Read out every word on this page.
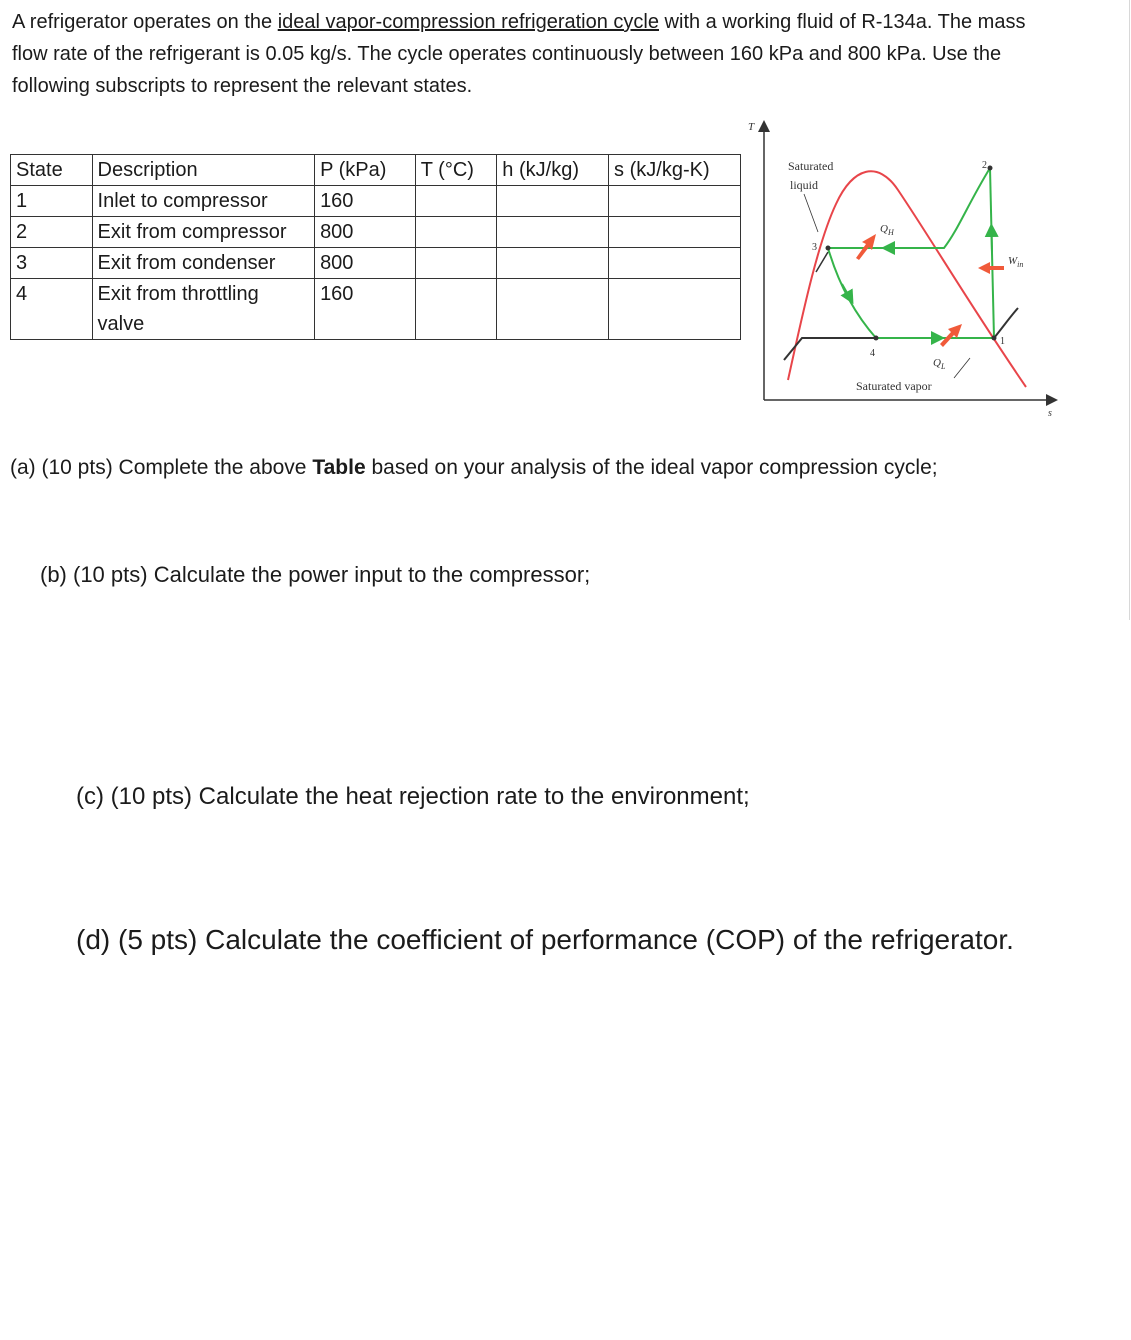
A refrigerator operates on the ideal vapor-compression refrigeration cycle with a working fluid of R-134a. The mass flow rate of the refrigerant is 0.05 kg/s. The cycle operates continuously between 160 kPa and 800 kPa. Use the following subscripts to represent the relevant states.

State	Description	P (kPa)	T (°C)	h (kJ/kg)	s (kJ/kg-K)
1	Inlet to compressor	160			
2	Exit from compressor	800			
3	Exit from condenser	800			
4	Exit from throttling valve	160			
T
s
Saturated liquid
Saturated vapor
$Q_H$
$Q_L$
$W_{in}$
1
2
3
4

(a) (10 pts) Complete the above Table based on your analysis of the ideal vapor compression cycle;

(b) (10 pts) Calculate the power input to the compressor;

(c) (10 pts) Calculate the heat rejection rate to the environment;

(d) (5 pts) Calculate the coefficient of performance (COP) of the refrigerator.
